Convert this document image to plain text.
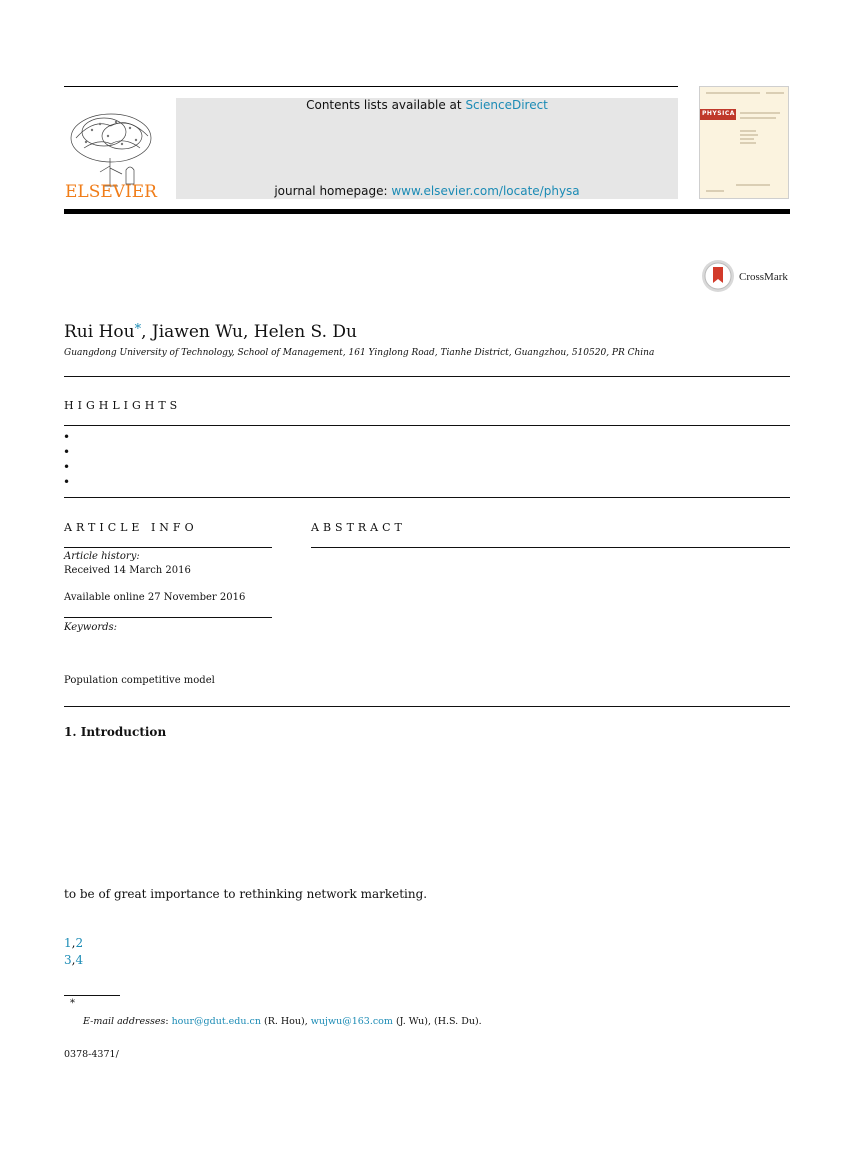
ELSEVIER
Contents lists available at ScienceDirect
journal homepage: www.elsevier.com/locate/physa
PHYSICA
CrossMark
Rui Hou*, Jiawen Wu, Helen S. Du
Guangdong University of Technology, School of Management, 161 Yinglong Road, Tianhe District, Guangzhou, 510520, PR China
HIGHLIGHTS
•
•
•
•
ARTICLE INFO	ABSTRACT
Article history:
Received 14 March 2016
Available online 27 November 2016
Keywords:
Population competitive model
1. Introduction
to be of great importance to rethinking network marketing.
1,2
3,4
*
E-mail addresses: hour@gdut.edu.cn (R. Hou), wujwu@163.com (J. Wu), (H.S. Du).
0378-4371/
